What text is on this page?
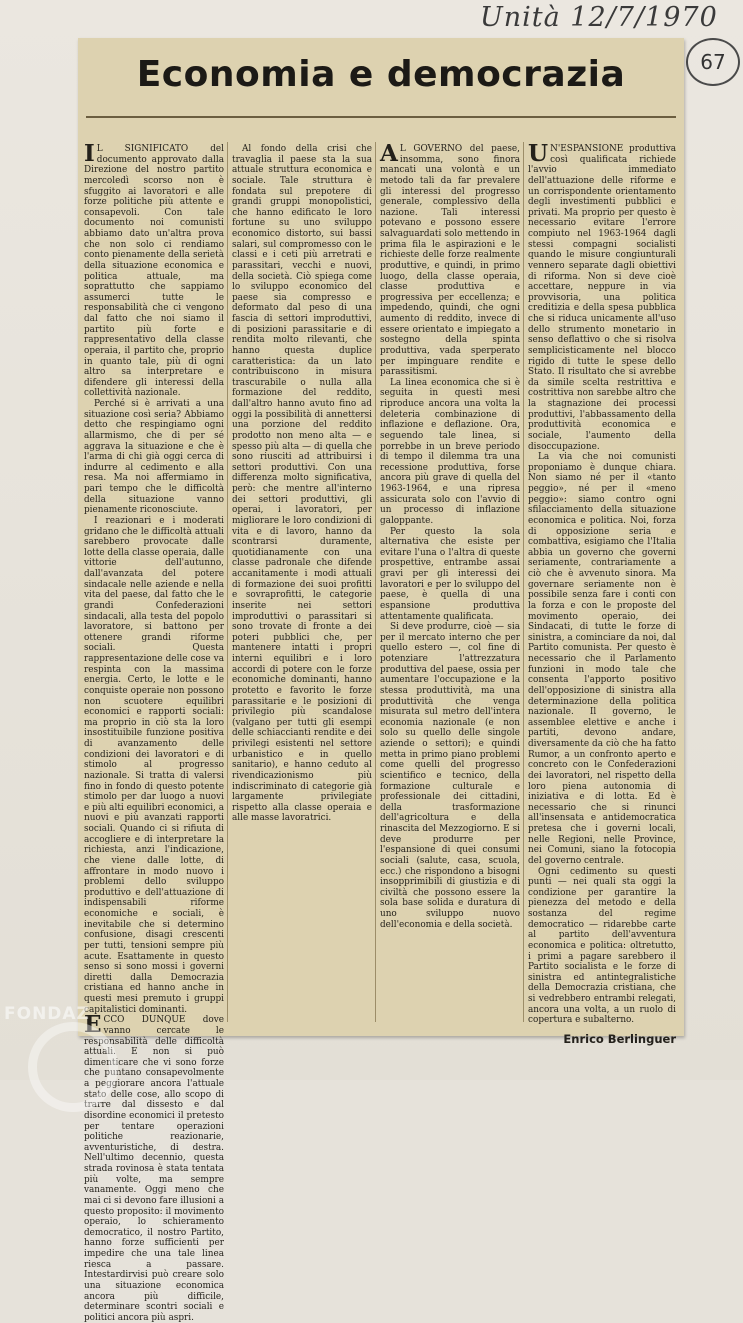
Unità 12/7/1970
67
Economia e democrazia

IL SIGNIFICATO del documento approvato dalla Direzione del nostro partito mercoledì scorso non è sfuggito ai lavoratori e alle forze politiche più attente e consapevoli. Con tale documento noi comunisti abbiamo dato un'altra prova che non solo ci rendiamo conto pienamente della serietà della situazione economica e politica attuale, ma soprattutto che sappiamo assumerci tutte le responsabilità che ci vengono dal fatto che noi siamo il partito più forte e rappresentativo della classe operaia, il partito che, proprio in quanto tale, più di ogni altro sa interpretare e difendere gli interessi della collettività nazionale.

Perché si è arrivati a una situazione così seria? Abbiamo detto che respingiamo ogni allarmismo, che di per sé aggrava la situazione e che è l'arma di chi già oggi cerca di indurre al cedimento e alla resa. Ma noi affermiamo in pari tempo che le difficoltà della situazione vanno pienamente riconosciute.

I reazionari e i moderati gridano che le difficoltà attuali sarebbero provocate dalle lotte della classe operaia, dalle vittorie dell'autunno, dall'avanzata del potere sindacale nelle aziende e nella vita del paese, dal fatto che le grandi Confederazioni sindacali, alla testa del popolo lavoratore, si battono per ottenere grandi riforme sociali. Questa rappresentazione delle cose va respinta con la massima energia. Certo, le lotte e le conquiste operaie non possono non scuotere equilibri economici e rapporti sociali: ma proprio in ciò sta la loro insostituibile funzione positiva di avanzamento delle condizioni dei lavoratori e di stimolo al progresso nazionale. Si tratta di valersi fino in fondo di questo potente stimolo per dar luogo a nuovi e più alti equilibri economici, a nuovi e più avanzati rapporti sociali. Quando ci si rifiuta di accogliere e di interpretare la richiesta, anzi l'indicazione, che viene dalle lotte, di affrontare in modo nuovo i problemi dello sviluppo produttivo e dell'attuazione di indispensabili riforme economiche e sociali, è inevitabile che si determino confusione, disagi crescenti per tutti, tensioni sempre più acute. Esattamente in questo senso si sono mossi i governi diretti dalla Democrazia cristiana ed hanno anche in questi mesi premuto i gruppi capitalistici dominanti.

ECCO DUNQUE dove vanno cercate le responsabilità delle difficoltà attuali. E non si può dimenticare che vi sono forze che puntano consapevolmente a peggiorare ancora l'attuale stato delle cose, allo scopo di trarre dal dissesto e dal disordine economici il pretesto per tentare operazioni politiche reazionarie, avventuristiche, di destra. Nell'ultimo decennio, questa strada rovinosa è stata tentata più volte, ma sempre vanamente. Oggi meno che mai ci si devono fare illusioni a questo proposito: il movimento operaio, lo schieramento democratico, il nostro Partito, hanno forze sufficienti per impedire che una tale linea riesca a passare. Intestardirvisi può creare solo una situazione economica ancora più difficile, determinare scontri sociali e politici ancora più aspri.

Al fondo della crisi che travaglia il paese sta la sua attuale struttura economica e sociale. Tale struttura è fondata sul prepotere di grandi gruppi monopolistici, che hanno edificato le loro fortune su uno sviluppo economico distorto, sui bassi salari, sul compromesso con le classi e i ceti più arretrati e parassitari, vecchi e nuovi, della società. Ciò spiega come lo sviluppo economico del paese sia compresso e deformato dal peso di una fascia di settori improduttivi, di posizioni parassitarie e di rendita molto rilevanti, che hanno questa duplice caratteristica: da un lato contribuiscono in misura trascurabile o nulla alla formazione del reddito, dall'altro hanno avuto fino ad oggi la possibilità di annettersi una porzione del reddito prodotto non meno alta — e spesso più alta — di quella che sono riusciti ad attribuirsi i settori produttivi. Con una differenza molto significativa, però: che mentre all'interno dei settori produttivi, gli operai, i lavoratori, per migliorare le loro condizioni di vita e di lavoro, hanno da scontrarsi duramente, quotidianamente con una classe padronale che difende accanitamente i modi attuali di formazione dei suoi profitti e sovraprofitti, le categorie inserite nei settori improduttivi o parassitari si sono trovate di fronte a dei poteri pubblici che, per mantenere intatti i propri interni equilibri e i loro accordi di potere con le forze economiche dominanti, hanno protetto e favorito le forze parassitarie e le posizioni di privilegio più scandalose (valgano per tutti gli esempi delle schiaccianti rendite e dei privilegi esistenti nel settore urbanistico e in quello sanitario), e hanno ceduto al rivendicazionismo più indiscriminato di categorie già largamente privilegiate rispetto alla classe operaia e alle masse lavoratrici.

AL GOVERNO del paese, insomma, sono finora mancati una volontà e un metodo tali da far prevalere gli interessi del progresso generale, complessivo della nazione. Tali interessi potevano e possono essere salvaguardati solo mettendo in prima fila le aspirazioni e le richieste delle forze realmente produttive, e quindi, in primo luogo, della classe operaia, classe produttiva e progressiva per eccellenza; e impedendo, quindi, che ogni aumento di reddito, invece di essere orientato e impiegato a sostegno della spinta produttiva, vada sperperato per impinguare rendite e parassitismi.

La linea economica che si è seguita in questi mesi riproduce ancora una volta la deleteria combinazione di inflazione e deflazione. Ora, seguendo tale linea, si porrebbe in un breve periodo di tempo il dilemma tra una recessione produttiva, forse ancora più grave di quella del 1963-1964, e una ripresa assicurata solo con l'avvio di un processo di inflazione galoppante.

Per questo la sola alternativa che esiste per evitare l'una o l'altra di queste prospettive, entrambe assai gravi per gli interessi dei lavoratori e per lo sviluppo del paese, è quella di una espansione produttiva attentamente qualificata.

Si deve produrre, cioè — sia per il mercato interno che per quello estero —, col fine di potenziare l'attrezzatura produttiva del paese, ossia per aumentare l'occupazione e la stessa produttività, ma una produttività che venga misurata sul metro dell'intera economia nazionale (e non solo su quello delle singole aziende o settori); e quindi metta in primo piano problemi come quelli del progresso scientifico e tecnico, della formazione culturale e professionale dei cittadini, della trasformazione dell'agricoltura e della rinascita del Mezzogiorno. E si deve produrre per l'espansione di quei consumi sociali (salute, casa, scuola, ecc.) che rispondono a bisogni insopprimibili di giustizia e di civiltà che possono essere la sola base solida e duratura di uno sviluppo nuovo dell'economia e della società.

UN'ESPANSIONE produttiva così qualificata richiede l'avvio immediato dell'attuazione delle riforme e un corrispondente orientamento degli investimenti pubblici e privati. Ma proprio per questo è necessario evitare l'errore compiuto nel 1963-1964 dagli stessi compagni socialisti quando le misure congiunturali vennero separate dagli obiettivi di riforma. Non si deve cioè accettare, neppure in via provvisoria, una politica creditizia e della spesa pubblica che si riduca unicamente all'uso dello strumento monetario in senso deflattivo o che si risolva semplicisticamente nel blocco rigido di tutte le spese dello Stato. Il risultato che si avrebbe da simile scelta restrittiva e costrittiva non sarebbe altro che la stagnazione dei processi produttivi, l'abbassamento della produttività economica e sociale, l'aumento della disoccupazione.

La via che noi comunisti proponiamo è dunque chiara. Non siamo né per il «tanto peggio», né per il «meno peggio»: siamo contro ogni sfilacciamento della situazione economica e politica. Noi, forza di opposizione seria e combattiva, esigiamo che l'Italia abbia un governo che governi seriamente, contrariamente a ciò che è avvenuto sinora. Ma governare seriamente non è possibile senza fare i conti con la forza e con le proposte del movimento operaio, dei Sindacati, di tutte le forze di sinistra, a cominciare da noi, dal Partito comunista. Per questo è necessario che il Parlamento funzioni in modo tale che consenta l'apporto positivo dell'opposizione di sinistra alla determinazione della politica nazionale. Il governo, le assemblee elettive e anche i partiti, devono andare, diversamente da ciò che ha fatto Rumor, a un confronto aperto e concreto con le Confederazioni dei lavoratori, nel rispetto della loro piena autonomia di iniziativa e di lotta. Ed è necessario che si rinunci all'insensata e antidemocratica pretesa che i governi locali, nelle Regioni, nelle Province, nei Comuni, siano la fotocopia del governo centrale.

Ogni cedimento su questi punti — nei quali sta oggi la condizione per garantire la pienezza del metodo e della sostanza del regime democratico — ridarebbe carte al partito dell'avventura economica e politica: oltretutto, i primi a pagare sarebbero il Partito socialista e le forze di sinistra ed antintegralistiche della Democrazia cristiana, che si vedrebbero entrambi relegati, ancora una volta, a un ruolo di copertura e subalterno.

Enrico Berlinguer

FONDAZ
